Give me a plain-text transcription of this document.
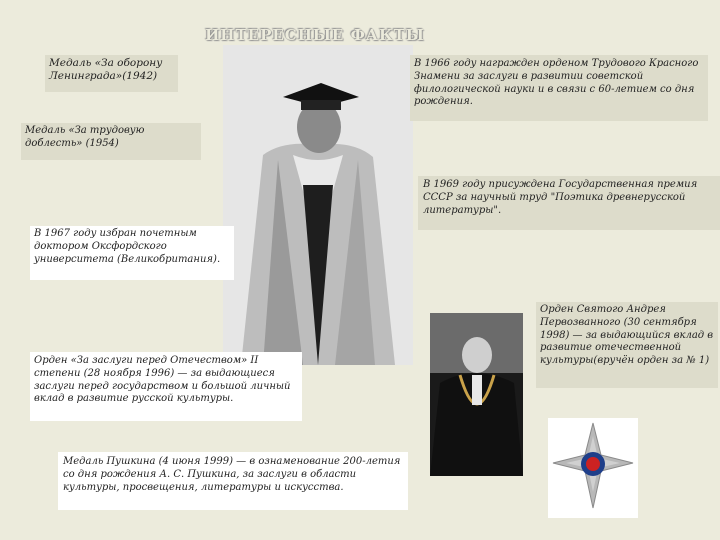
ИНТЕРЕСНЫЕ ФАКТЫ
Медаль «За оборону Ленинграда»(1942)
В 1966 году награжден орденом Трудового Красного Знамени за заслуги в развитии советской филологической науки и в связи с 60-летием со дня рождения.
Медаль «За трудовую доблесть» (1954)
В 1969 году присуждена Государственная премия СССР за научный труд "Поэтика древнерусской литературы".
В 1967 году избран почетным доктором Оксфордского университета (Великобритания).
Орден Святого Андрея Первозванного (30 сентября 1998) — за выдающийся вклад в развитие отечественной культуры(вручён орден за № 1)
Орден «За заслуги перед Отечеством» II степени (28 ноября 1996) — за выдающиеся заслуги перед государством и большой личный вклад в развитие русской культуры.
Медаль Пушкина (4 июня 1999) — в ознаменование 200-летия со дня рождения А. С. Пушкина, за заслуги в области культуры, просвещения, литературы и искусства.
